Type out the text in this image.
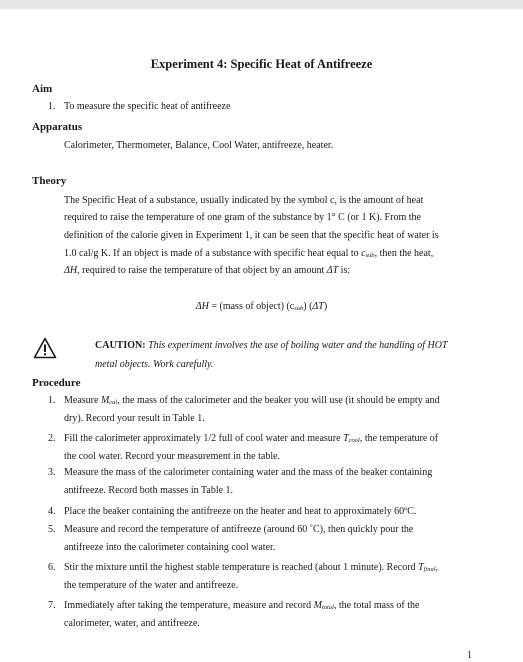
Experiment 4: Specific Heat of Antifreeze
Aim
1. To measure the specific heat of antifreeze
Apparatus
Calorimeter, Thermometer, Balance, Cool Water, antifreeze, heater.
Theory
The Specific Heat of a substance, usually indicated by the symbol c, is the amount of heat
required to raise the temperature of one gram of the substance by 1° C (or 1 K). From the
definition of the calorie given in Experiment 1, it can be seen that the specific heat of water is
1.0 cal/g K. If an object is made of a substance with specific heat equal to $c_{sub}$, then the heat,
ΔH, required to raise the temperature of that object by an amount ΔT is:
ΔH = (mass of object) $(c_{sub})$ (ΔT)
CAUTION: This experiment involves the use of boiling water and the handling of HOT
metal objects. Work carefully.
Procedure
1. Measure $M_{cal}$, the mass of the calorimeter and the beaker you will use (it should be empty and
dry). Record your result in Table 1.
2. Fill the calorimeter approximately 1/2 full of cool water and measure $T_{cool}$, the temperature of
the cool water. Record your measurement in the table.
3. Measure the mass of the calorimeter containing water and the mass of the beaker containing
antifreeze. Record both masses in Table 1.
4. Place the beaker containing the antifreeze on the heater and heat to approximately 60ºC.
5. Measure and record the temperature of antifreeze (around 60 ˚C), then quickly pour the
antifreeze into the calorimeter containing cool water.
6. Stir the mixture until the highest stable temperature is reached (about 1 minute). Record $T_{final}$,
the temperature of the water and antifreeze.
7. Immediately after taking the temperature, measure and record $M_{total}$, the total mass of the
calorimeter, water, and antifreeze.
1
